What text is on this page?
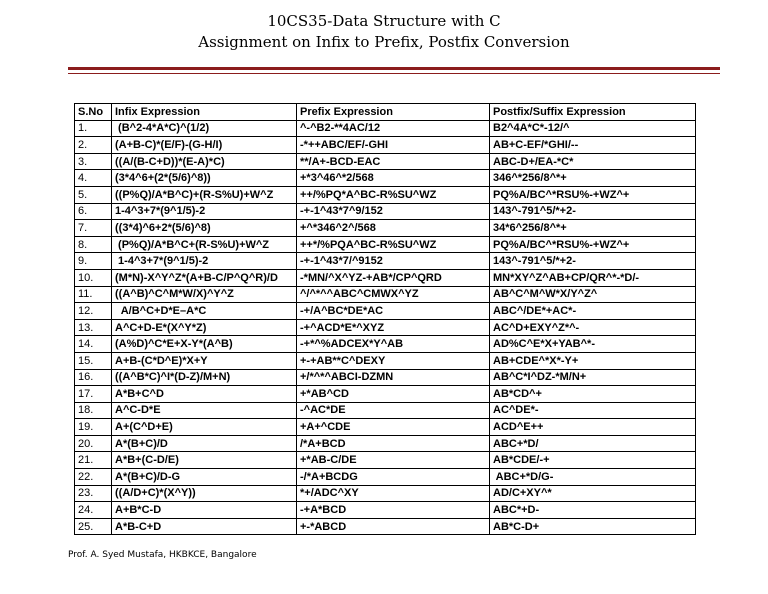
10CS35-Data Structure with C
Assignment on Infix to Prefix, Postfix Conversion
S.No	Infix Expression	Prefix Expression	Postfix/Suffix Expression
1.	(B^2-4*A*C)^(1/2)	^-^B2-**4AC/12	B2^4A*C*-12/^
2.	(A+B-C)*(E/F)-(G-H/I)	-*++ABC/EF/-GHI	AB+C-EF/*GHI/--
3.	((A/(B-C+D))*(E-A)*C)	**/A+-BCD-EAC	ABC-D+/EA-*C*
4.	(3*4^6+(2*(5/6)^8))	+*3^46^*2/568	346^*256/8^*+
5.	((P%Q)/A*B^C)+(R-S%U)+W^Z	++/%PQ*A^BC-R%SU^WZ	PQ%A/BC^*RSU%-+WZ^+
6.	1-4^3+7*(9^1/5)-2	-+-1^43*7^9/152	143^-791^5/*+2-
7.	((3*4)^6+2*(5/6)^8)	+^*346^2^/568	34*6^256/8^*+
8.	(P%Q)/A*B^C+(R-S%U)+W^Z	++*/%PQA^BC-R%SU^WZ	PQ%A/BC^*RSU%-+WZ^+
9.	1-4^3+7*(9^1/5)-2	-+-1^43*7/^9152	143^-791^5/*+2-
10.	(M*N)-X^Y^Z*(A+B-C/P^Q^R)/D	-*MN/^X^YZ-+AB*/CP^QRD	MN*XY^Z^AB+CP/QR^*-*D/-
11.	((A^B)^C^M*W/X)^Y^Z	^/^*^^ABC^CMWX^YZ	AB^C^M^W*X/Y^Z^
12.	A/B^C+D*E–A*C	-+/A^BC*DE*AC	ABC^/DE*+AC*-
13.	A^C+D-E*(X^Y*Z)	-+^ACD*E*^XYZ	AC^D+EXY^Z*^-
14.	(A%D)^C*E+X-Y*(A^B)	-+*^%ADCEX*Y^AB	AD%C^E*X+YAB^*-
15.	A+B-(C*D^E)*X+Y	+-+AB**C^DEXY	AB+CDE^*X*-Y+
16.	((A^B*C)^I*(D-Z)/M+N)	+/*^*^ABCI-DZMN	AB^C*I^DZ-*M/N+
17.	A*B+C^D	+*AB^CD	AB*CD^+
18.	A^C-D*E	-^AC*DE	AC^DE*-
19.	A+(C^D+E)	+A+^CDE	ACD^E++
20.	A*(B+C)/D	/*A+BCD	ABC+*D/
21.	A*B+(C-D/E)	+*AB-C/DE	AB*CDE/-+
22.	A*(B+C)/D-G	-/*A+BCDG	ABC+*D/G-
23.	((A/D+C)*(X^Y))	*+/ADC^XY	AD/C+XY^*
24.	A+B*C-D	-+A*BCD	ABC*+D-
25.	A*B-C+D	+-*ABCD	AB*C-D+
Prof. A. Syed Mustafa, HKBKCE, Bangalore
